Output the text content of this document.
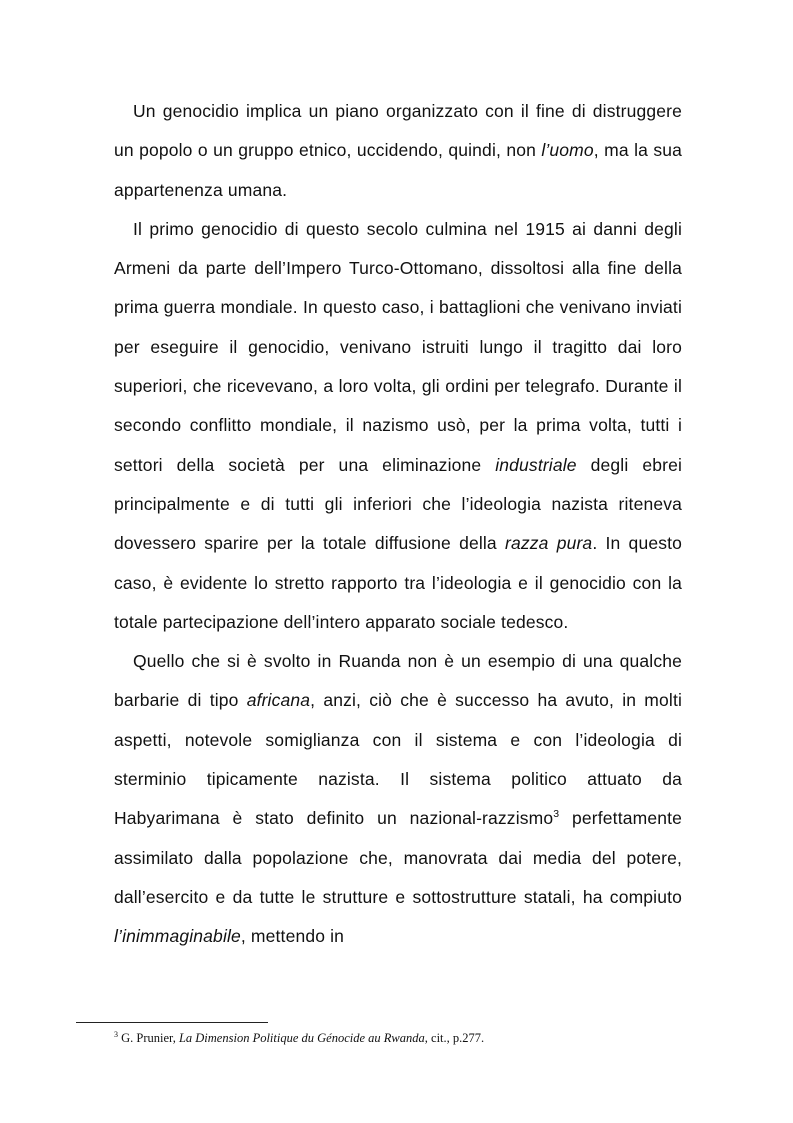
Un genocidio implica un piano organizzato con il fine di distruggere un popolo o un gruppo etnico, uccidendo, quindi, non l’uomo, ma la sua appartenenza umana.

Il primo genocidio di questo secolo culmina nel 1915 ai danni degli Armeni da parte dell’Impero Turco-Ottomano, dissoltosi alla fine della prima guerra mondiale. In questo caso, i battaglioni che venivano inviati per eseguire il genocidio, venivano istruiti lungo il tragitto dai loro superiori, che ricevevano, a loro volta, gli ordini per telegrafo. Durante il secondo conflitto mondiale, il nazismo usò, per la prima volta, tutti i settori della società per una eliminazione industriale degli ebrei principalmente e di tutti gli inferiori che l’ideologia nazista riteneva dovessero sparire per la totale diffusione della razza pura. In questo caso, è evidente lo stretto rapporto tra l’ideologia e il genocidio con la totale partecipazione dell’intero apparato sociale tedesco.

Quello che si è svolto in Ruanda non è un esempio di una qualche barbarie di tipo africana, anzi, ciò che è successo ha avuto, in molti aspetti, notevole somiglianza con il sistema e con l’ideologia di sterminio tipicamente nazista. Il sistema politico attuato da Habyarimana è stato definito un nazional-razzismo$^3$ perfettamente assimilato dalla popolazione che, manovrata dai media del potere, dall’esercito e da tutte le strutture e sottostrutture statali, ha compiuto l’inimmaginabile, mettendo in

$^3$ G. Prunier, La Dimension Politique du Génocide au Rwanda, cit., p.277.
